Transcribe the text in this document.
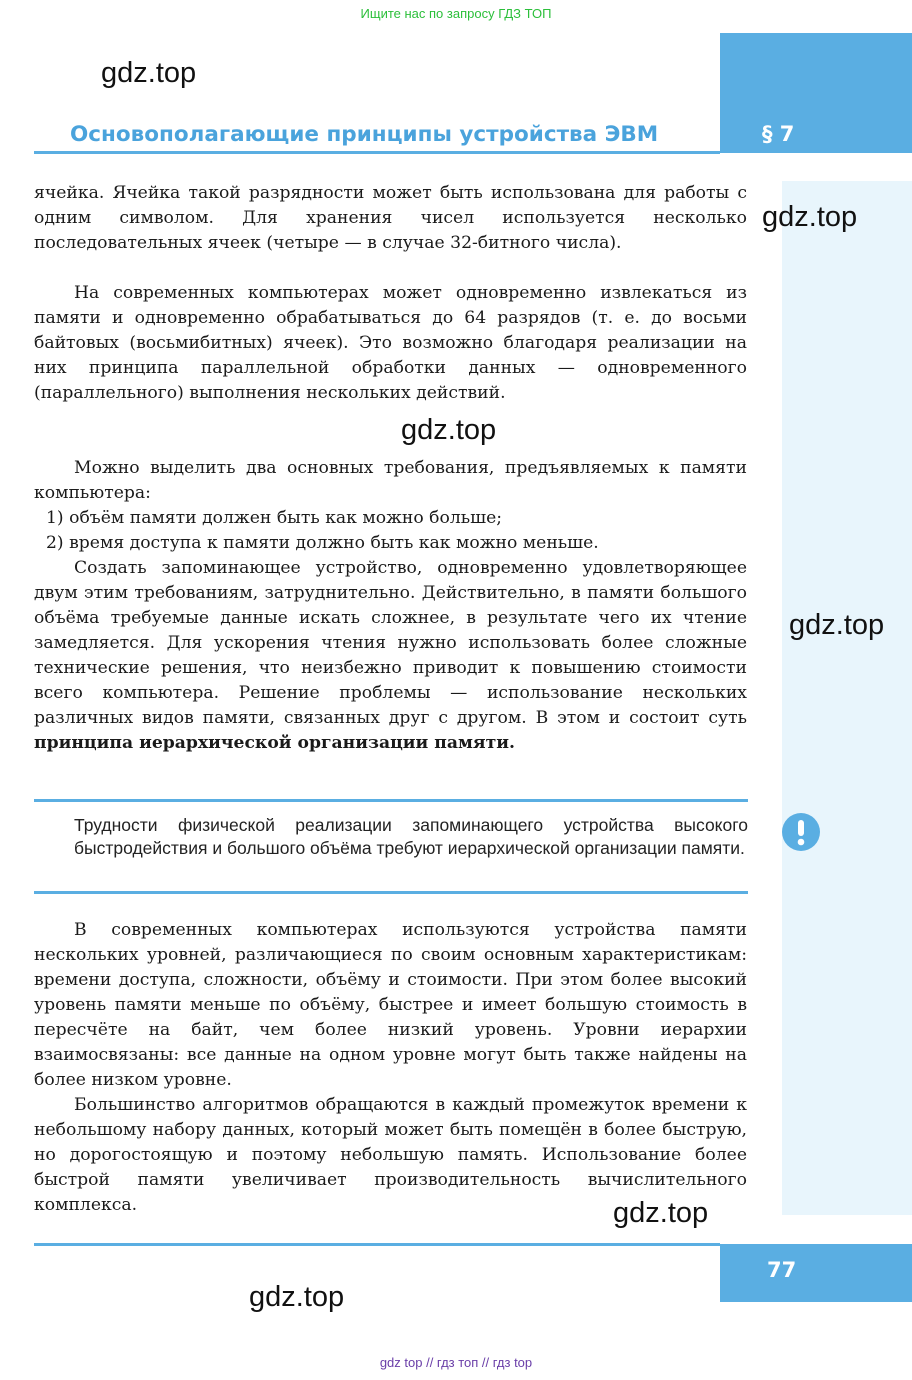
Ищите нас по запросу ГДЗ ТОП
gdz.top
Основополагающие принципы устройства ЭВМ	§ 7

ячейка. Ячейка такой разрядности может быть использована для работы с одним символом. Для хранения чисел используется несколько последовательных ячеек (четыре — в случае 32-битного числа).

gdz.top

На современных компьютерах может одновременно извлекаться из памяти и одновременно обрабатываться до 64 разрядов (т. е. до восьми байтовых (восьмибитных) ячеек). Это возможно благодаря реализации на них принципа параллельной обработки данных — одновременного (параллельного) выполнения нескольких действий.

gdz.top

Можно выделить два основных требования, предъявляемых к памяти компьютера:

1) объём памяти должен быть как можно больше;

2) время доступа к памяти должно быть как можно меньше.

Создать запоминающее устройство, одновременно удовлетворяющее двум этим требованиям, затруднительно. Действительно, в памяти большого объёма требуемые данные искать сложнее, в результате чего их чтение замедляется. Для ускорения чтения нужно использовать более сложные технические решения, что неизбежно приводит к повышению стоимости всего компьютера. Решение проблемы — использование нескольких различных видов памяти, связанных друг с другом. В этом и состоит суть принципа иерархической организации памяти.

gdz.top
Трудности физической реализации запоминающего устройства высокого быстродействия и большого объёма требуют иерархической организации памяти.

В современных компьютерах используются устройства памяти нескольких уровней, различающиеся по своим основным характеристикам: времени доступа, сложности, объёму и стоимости. При этом более высокий уровень памяти меньше по объёму, быстрее и имеет большую стоимость в пересчёте на байт, чем более низкий уровень. Уровни иерархии взаимосвязаны: все данные на одном уровне могут быть также найдены на более низком уровне.

Большинство алгоритмов обращаются в каждый промежуток времени к небольшому набору данных, который может быть помещён в более быструю, но дорогостоящую и поэтому небольшую память. Использование более быстрой памяти увеличивает производительность вычислительного комплекса.	gdz.top
77
gdz.top
gdz top // гдз топ // гдз top
